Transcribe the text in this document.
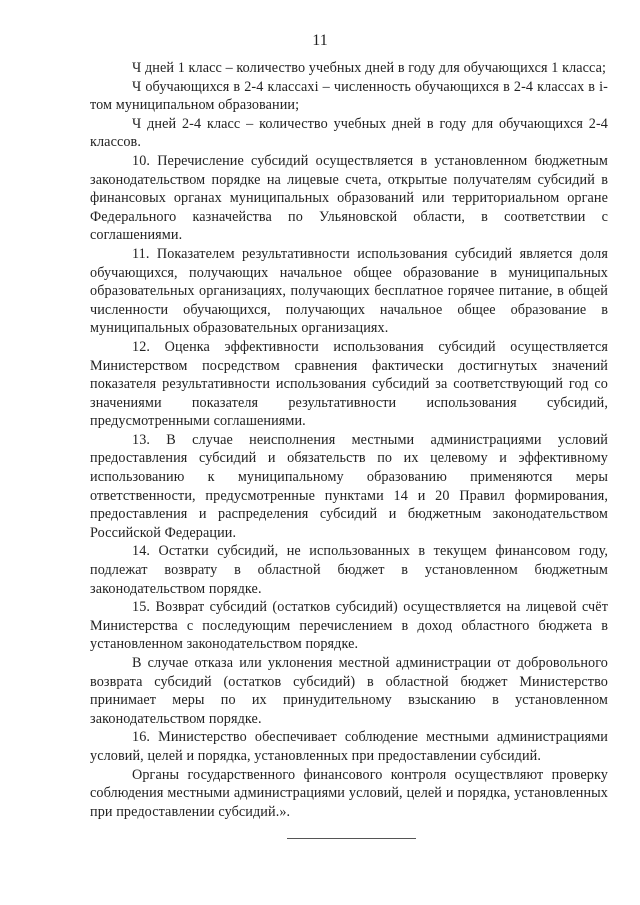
11

Ч дней 1 класс – количество учебных дней в году для обучающихся 1 класса;

Ч обучающихся в 2-4 классахi – численность обучающихся в 2-4 классах в i-том муниципальном образовании;

Ч дней 2-4 класс – количество учебных дней в году для обучающихся 2-4 классов.

10. Перечисление субсидий осуществляется в установленном бюджетным законодательством порядке на лицевые счета, открытые получателям субсидий в финансовых органах муниципальных образований или территориальном органе Федерального казначейства по Ульяновской области, в соответствии с соглашениями.

11. Показателем результативности использования субсидий является доля обучающихся, получающих начальное общее образование в муниципальных образовательных организациях, получающих бесплатное горячее питание, в общей численности обучающихся, получающих начальное общее образование в муниципальных образовательных организациях.

12. Оценка эффективности использования субсидий осуществляется Министерством посредством сравнения фактически достигнутых значений показателя результативности использования субсидий за соответствующий год со значениями показателя результативности использования субсидий, предусмотренными соглашениями.

13. В случае неисполнения местными администрациями условий предоставления субсидий и обязательств по их целевому и эффективному использованию к муниципальному образованию применяются меры ответственности, предусмотренные пунктами 14 и 20 Правил формирования, предоставления и распределения субсидий и бюджетным законодательством Российской Федерации.

14. Остатки субсидий, не использованных в текущем финансовом году, подлежат возврату в областной бюджет в установленном бюджетным законодательством порядке.

15. Возврат субсидий (остатков субсидий) осуществляется на лицевой счёт Министерства с последующим перечислением в доход областного бюджета в установленном законодательством порядке.

В случае отказа или уклонения местной администрации от добровольного возврата субсидий (остатков субсидий) в областной бюджет Министерство принимает меры по их принудительному взысканию в установленном законодательством порядке.

16. Министерство обеспечивает соблюдение местными администрациями условий, целей и порядка, установленных при предоставлении субсидий.

Органы государственного финансового контроля осуществляют проверку соблюдения местными администрациями условий, целей и порядка, установленных при предоставлении субсидий.».
